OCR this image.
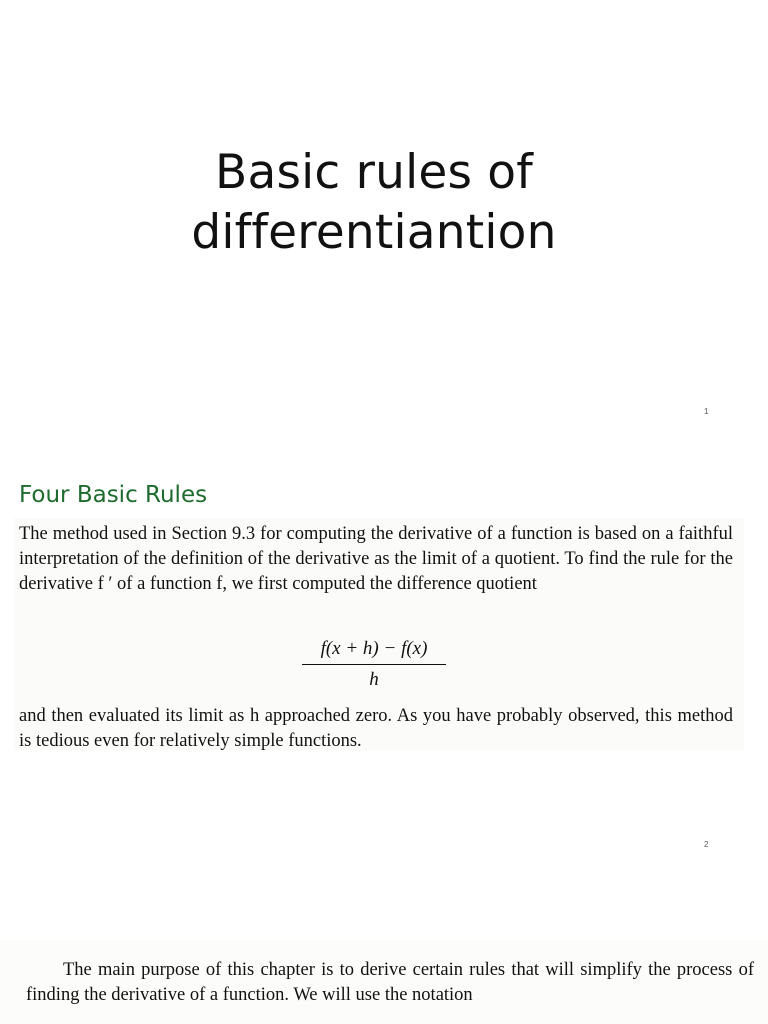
Basic rules of
differentiantion
1
Four Basic Rules

The method used in Section 9.3 for computing the derivative of a function is based on a faithful interpretation of the definition of the derivative as the limit of a quotient. To find the rule for the derivative f ′ of a function f, we first computed the difference quotient

f(x + h) − f(x)
h

and then evaluated its limit as h approached zero. As you have probably observed, this method is tedious even for relatively simple functions.

2

The main purpose of this chapter is to derive certain rules that will simplify the process of finding the derivative of a function. We will use the notation
